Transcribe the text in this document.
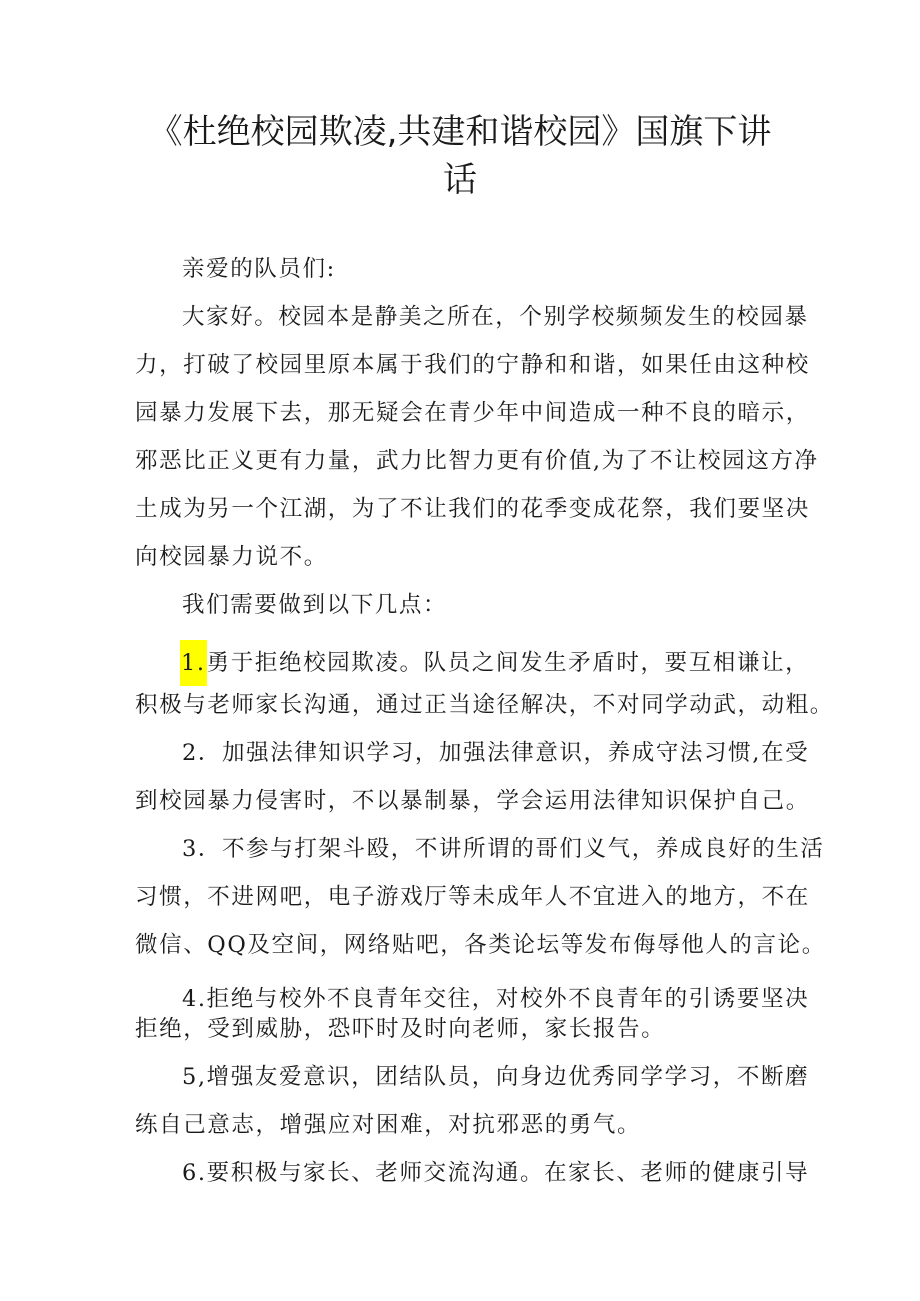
《杜绝校园欺凌,共建和谐校园》国旗下讲
话
亲爱的队员们:
大家好。校园本是静美之所在，个别学校频频发生的校园暴
力，打破了校园里原本属于我们的宁静和和谐，如果任由这种校
园暴力发展下去，那无疑会在青少年中间造成一种不良的暗示，
邪恶比正义更有力量，武力比智力更有价值,为了不让校园这方净
土成为另一个江湖，为了不让我们的花季变成花祭，我们要坚决
向校园暴力说不。
我们需要做到以下几点：
1.勇于拒绝校园欺凌。队员之间发生矛盾时，要互相谦让，
积极与老师家长沟通，通过正当途径解决，不对同学动武，动粗。
2．加强法律知识学习，加强法律意识，养成守法习惯,在受
到校园暴力侵害时，不以暴制暴，学会运用法律知识保护自己。
3．不参与打架斗殴，不讲所谓的哥们义气，养成良好的生活
习惯，不进网吧，电子游戏厅等未成年人不宜进入的地方，不在
微信、QQ及空间，网络贴吧，各类论坛等发布侮辱他人的言论。
4.拒绝与校外不良青年交往，对校外不良青年的引诱要坚决
拒绝，受到威胁，恐吓时及时向老师，家长报告。
5,增强友爱意识，团结队员，向身边优秀同学学习，不断磨
练自己意志，增强应对困难，对抗邪恶的勇气。
6.要积极与家长、老师交流沟通。在家长、老师的健康引导
